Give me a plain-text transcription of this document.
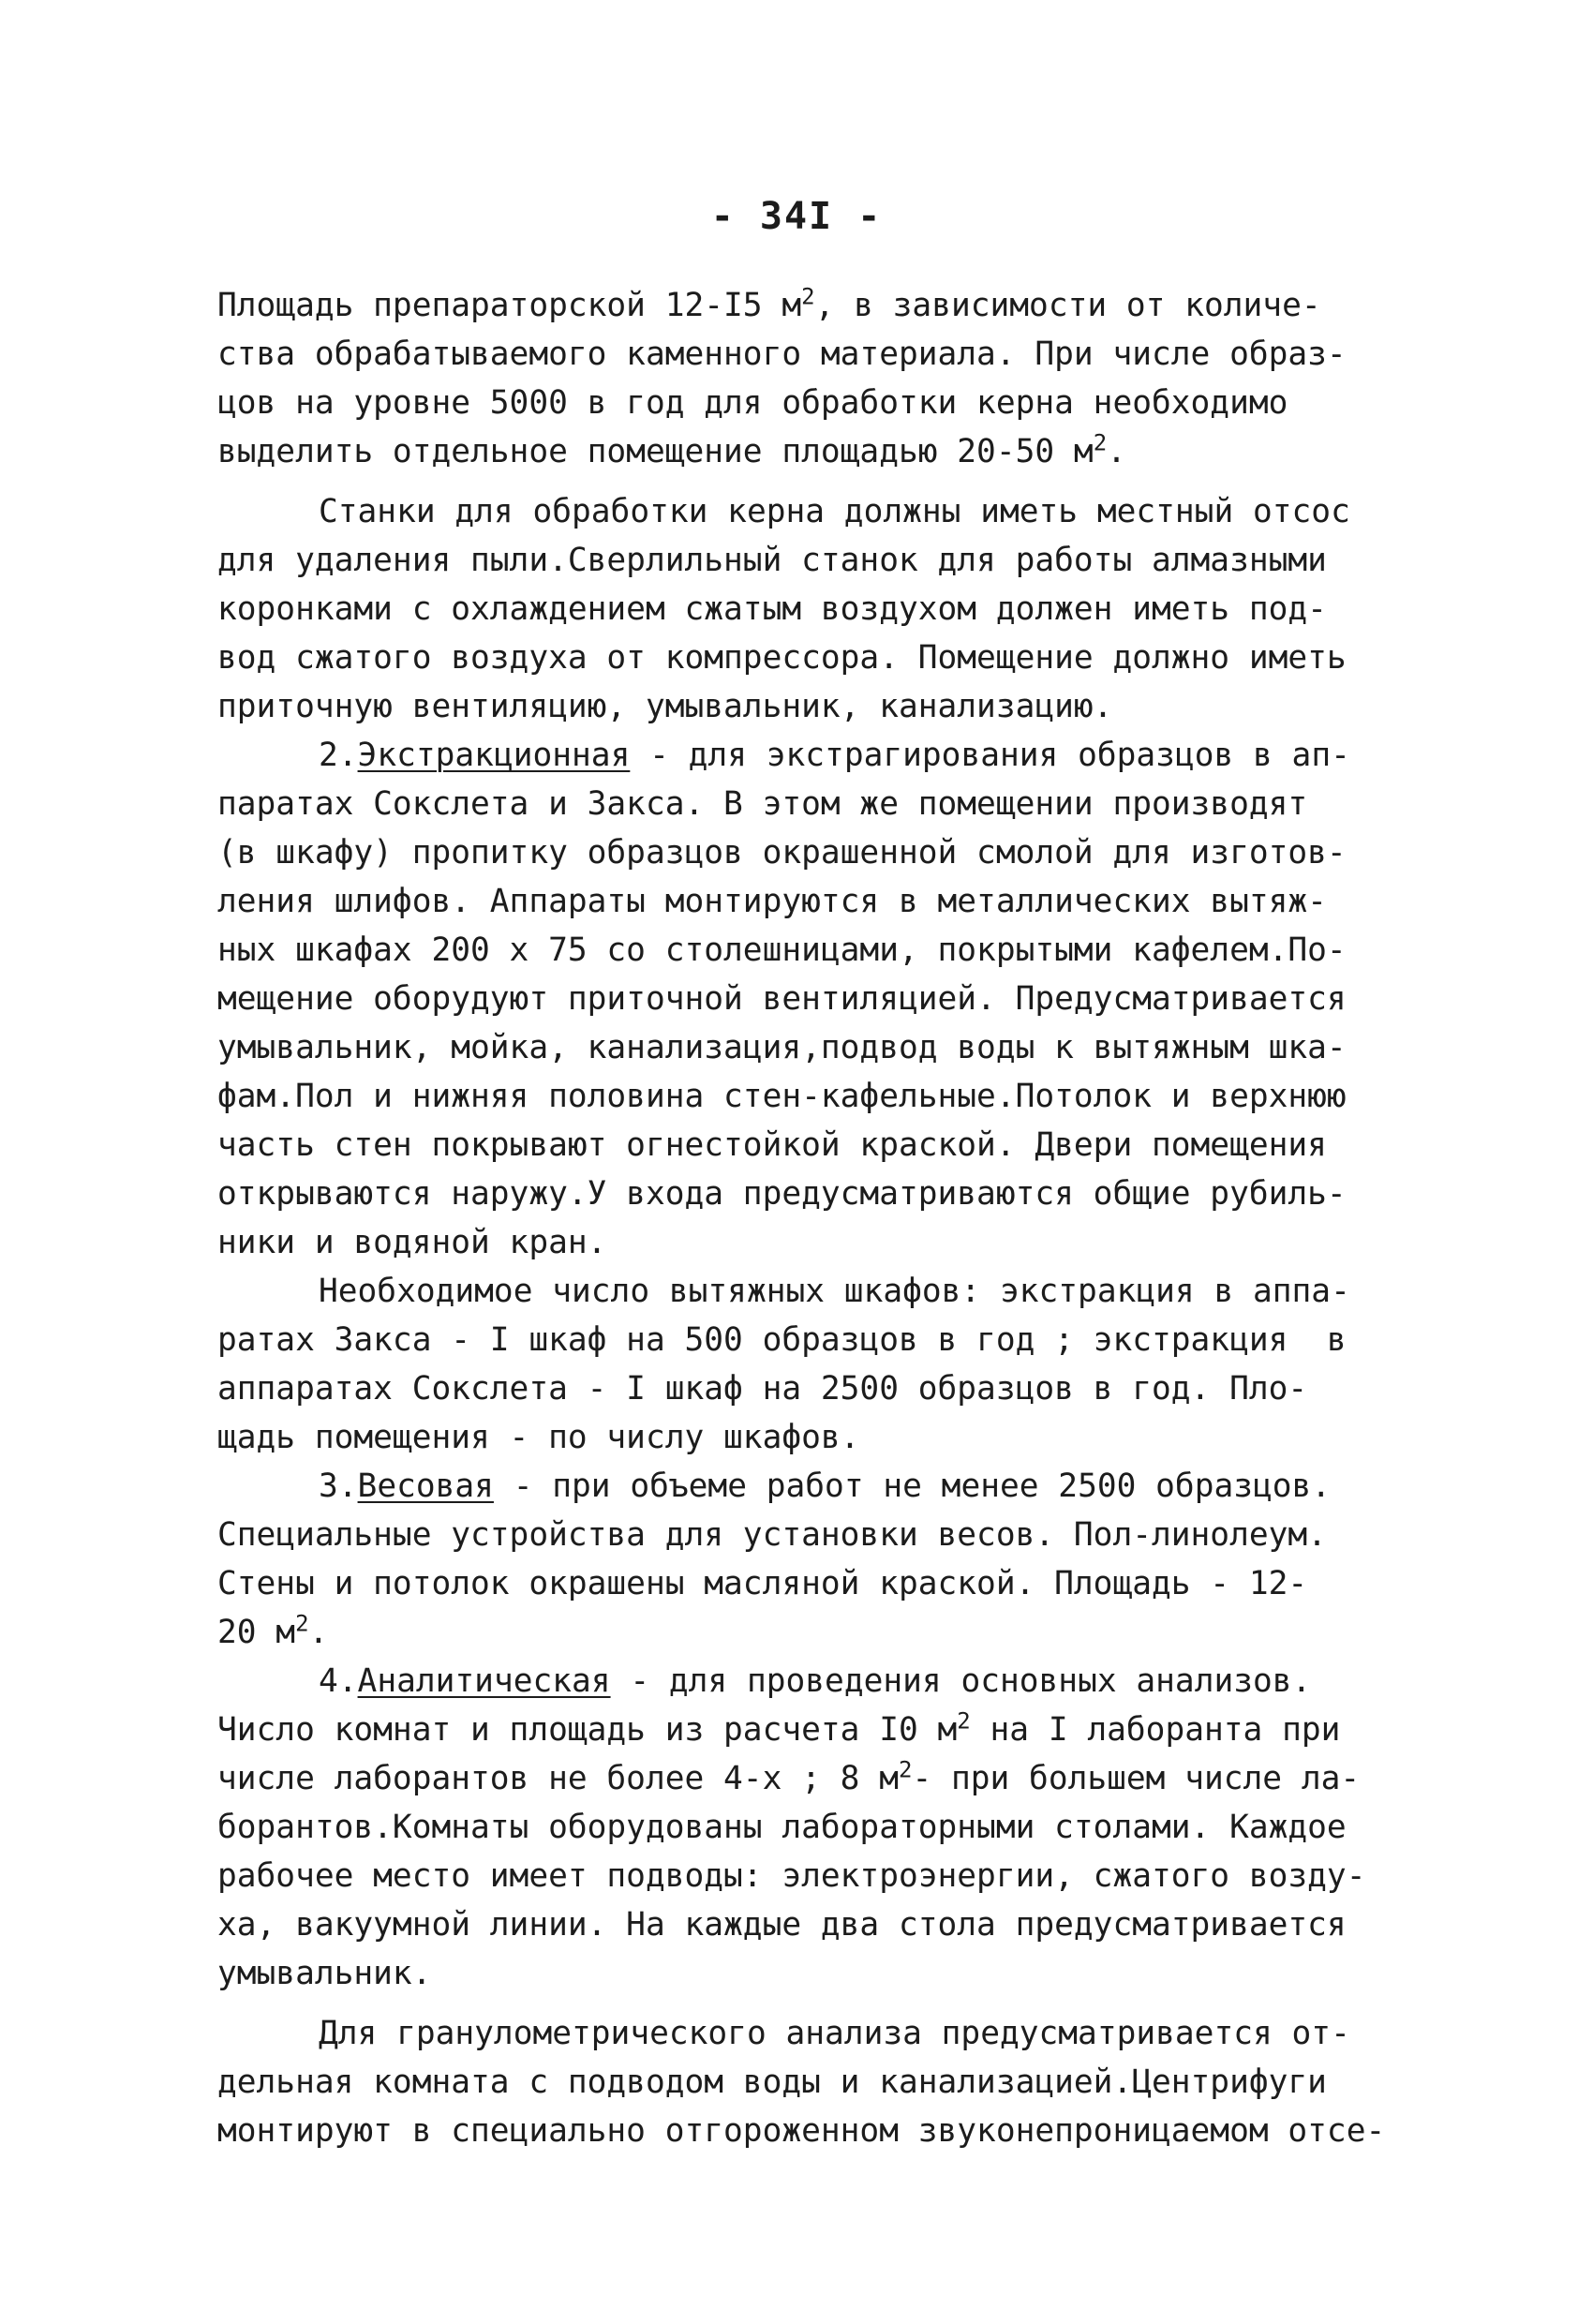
- 34I -
Площадь препараторской 12-I5 $м^2$, в зависимости от количе-
ства обрабатываемого каменного материала. При числе образ-
цов на уровне 5000 в год для обработки керна необходимо
выделить отдельное помещение площадью 20-50 $м^2$.
Станки для обработки керна должны иметь местный отсос
для удаления пыли.Сверлильный станок для работы алмазными
коронками с охлаждением сжатым воздухом должен иметь под-
вод сжатого воздуха от компрессора. Помещение должно иметь
приточную вентиляцию, умывальник, канализацию.
2.Экстракционная - для экстрагирования образцов в ап-
паратах Сокслета и Закса. В этом же помещении производят
(в шкафу) пропитку образцов окрашенной смолой для изготов-
ления шлифов. Аппараты монтируются в металлических вытяж-
ных шкафах 200 х 75 со столешницами, покрытыми кафелем.По-
мещение оборудуют приточной вентиляцией. Предусматривается
умывальник, мойка, канализация,подвод воды к вытяжным шка-
фам.Пол и нижняя половина стен-кафельные.Потолок и верхнюю
часть стен покрывают огнестойкой краской. Двери помещения
открываются наружу.У входа предусматриваются общие рубиль-
ники и водяной кран.
Необходимое число вытяжных шкафов: экстракция в аппа-
ратах Закса - I шкаф на 500 образцов в год ; экстракция  в
аппаратах Сокслета - I шкаф на 2500 образцов в год. Пло-
щадь помещения - по числу шкафов.
3.Весовая - при объеме работ не менее 2500 образцов.
Специальные устройства для установки весов. Пол-линолеум.
Стены и потолок окрашены масляной краской. Площадь - 12-
20 $м^2$.
4.Аналитическая - для проведения основных анализов.
Число комнат и площадь из расчета I0 $м^2$ на I лаборанта при
числе лаборантов не более 4-х ; 8 $м^2-$ при большем числе ла-
борантов.Комнаты оборудованы лабораторными столами. Каждое
рабочее место имеет подводы: электроэнергии, сжатого возду-
ха, вакуумной линии. На каждые два стола предусматривается
умывальник.
Для гранулометрического анализа предусматривается от-
дельная комната с подводом воды и канализацией.Центрифуги
монтируют в специально отгороженном звуконепроницаемом отсе-
